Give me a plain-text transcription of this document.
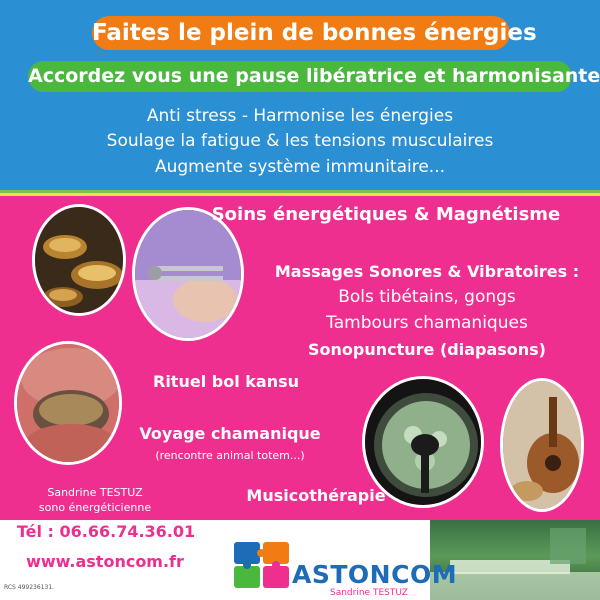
Faites le plein de bonnes énergies
Accordez vous une pause libératrice et harmonisante
Anti stress - Harmonise les énergies
Soulage la fatigue & les tensions musculaires
Augmente système immunitaire...
Soins énergétiques & Magnétisme
Massages Sonores & Vibratoires :
Bols tibétains, gongs
Tambours chamaniques
Sonopuncture (diapasons)
Rituel bol kansu
Voyage chamanique
(rencontre animal totem...)
Musicothérapie
Sandrine TESTUZ
sono énergéticienne
Tél : 06.66.74.36.01
www.astoncom.fr
RCS 499236131.	ASTONCOM
Sandrine TESTUZ
